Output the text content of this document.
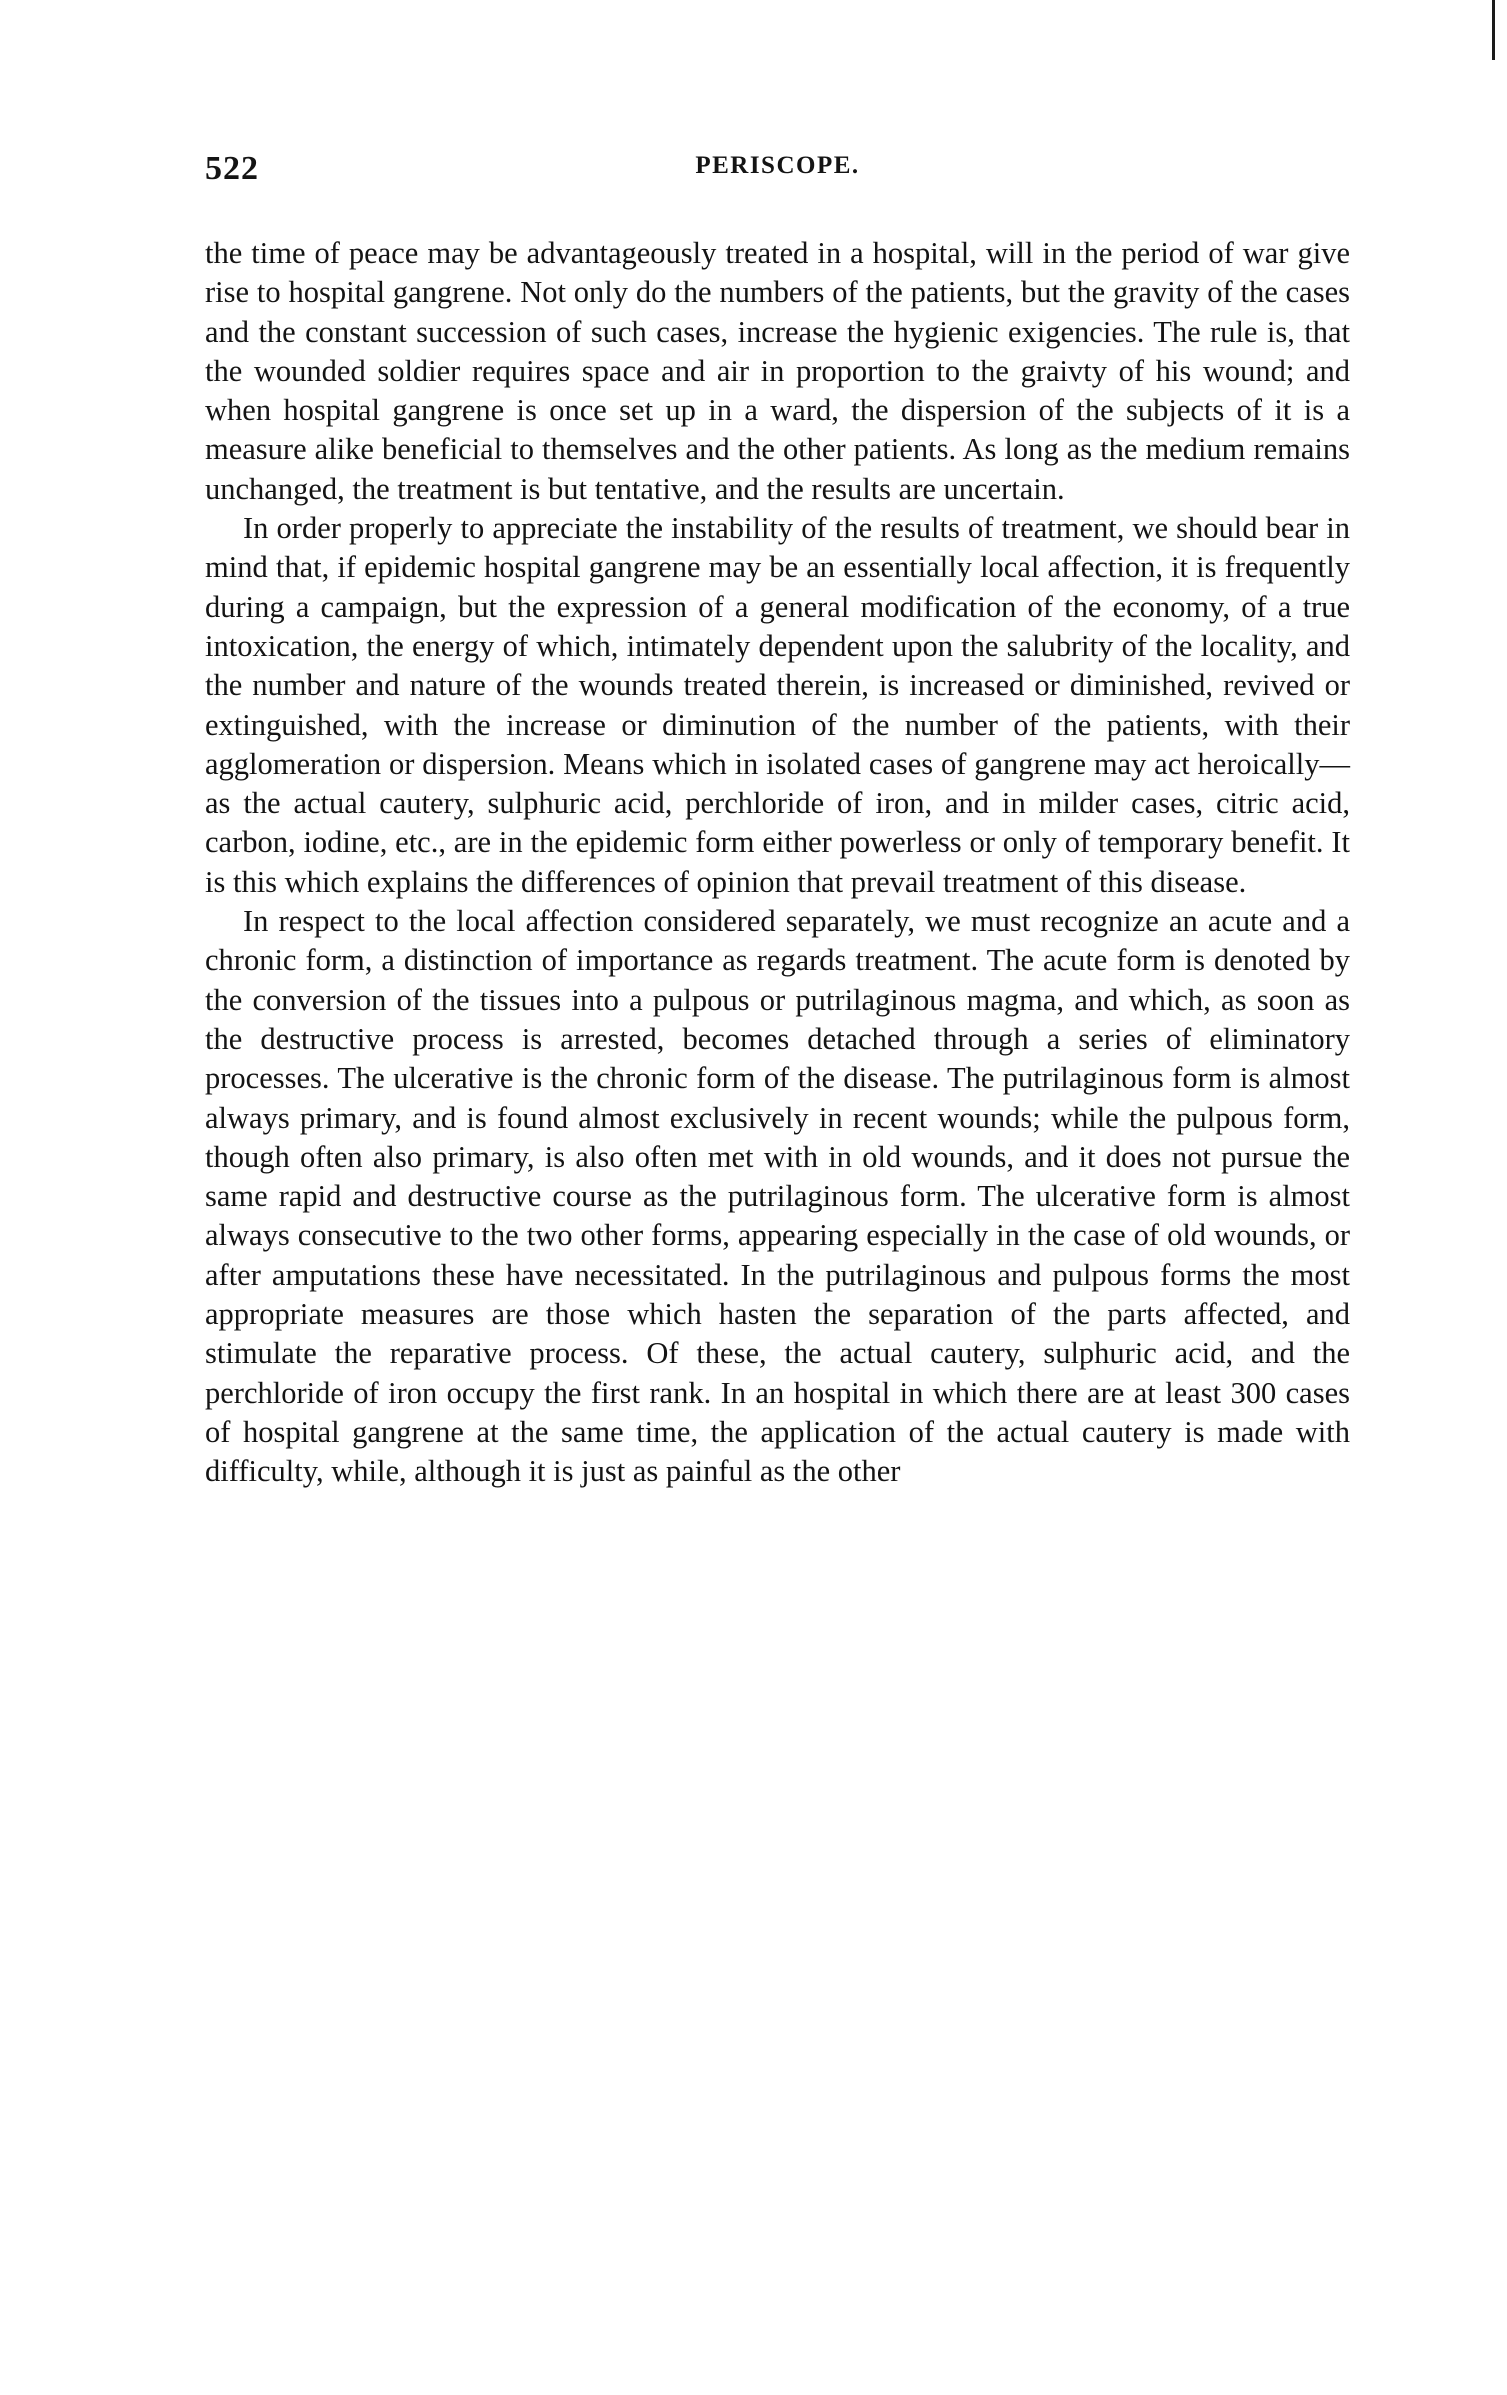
522	PERISCOPE.

the time of peace may be advantageously treated in a hospital, will in the period of war give rise to hospital gangrene. Not only do the numbers of the patients, but the gravity of the cases and the constant succession of such cases, increase the hygienic exigencies. The rule is, that the wounded soldier requires space and air in proportion to the graivty of his wound; and when hospital gangrene is once set up in a ward, the dispersion of the subjects of it is a measure alike beneficial to themselves and the other patients. As long as the medium remains unchanged, the treatment is but tentative, and the results are uncertain.

In order properly to appreciate the instability of the results of treatment, we should bear in mind that, if epidemic hospital gangrene may be an essentially local affection, it is frequently during a campaign, but the expression of a general modification of the economy, of a true intoxication, the energy of which, intimately dependent upon the salubrity of the locality, and the number and nature of the wounds treated therein, is increased or diminished, revived or extinguished, with the increase or diminution of the number of the patients, with their agglomeration or dispersion. Means which in isolated cases of gangrene may act heroically—as the actual cautery, sulphuric acid, perchloride of iron, and in milder cases, citric acid, carbon, iodine, etc., are in the epidemic form either powerless or only of temporary benefit. It is this which explains the differences of opinion that prevail treatment of this disease.

In respect to the local affection considered separately, we must recognize an acute and a chronic form, a distinction of importance as regards treatment. The acute form is denoted by the conversion of the tissues into a pulpous or putrilaginous magma, and which, as soon as the destructive process is arrested, becomes detached through a series of eliminatory processes. The ulcerative is the chronic form of the disease. The putrilaginous form is almost always primary, and is found almost exclusively in recent wounds; while the pulpous form, though often also primary, is also often met with in old wounds, and it does not pursue the same rapid and destructive course as the putrilaginous form. The ulcerative form is almost always consecutive to the two other forms, appearing especially in the case of old wounds, or after amputations these have necessitated. In the putrilaginous and pulpous forms the most appropriate measures are those which hasten the separation of the parts affected, and stimulate the reparative process. Of these, the actual cautery, sulphuric acid, and the perchloride of iron occupy the first rank. In an hospital in which there are at least 300 cases of hospital gangrene at the same time, the application of the actual cautery is made with difficulty, while, although it is just as painful as the other
